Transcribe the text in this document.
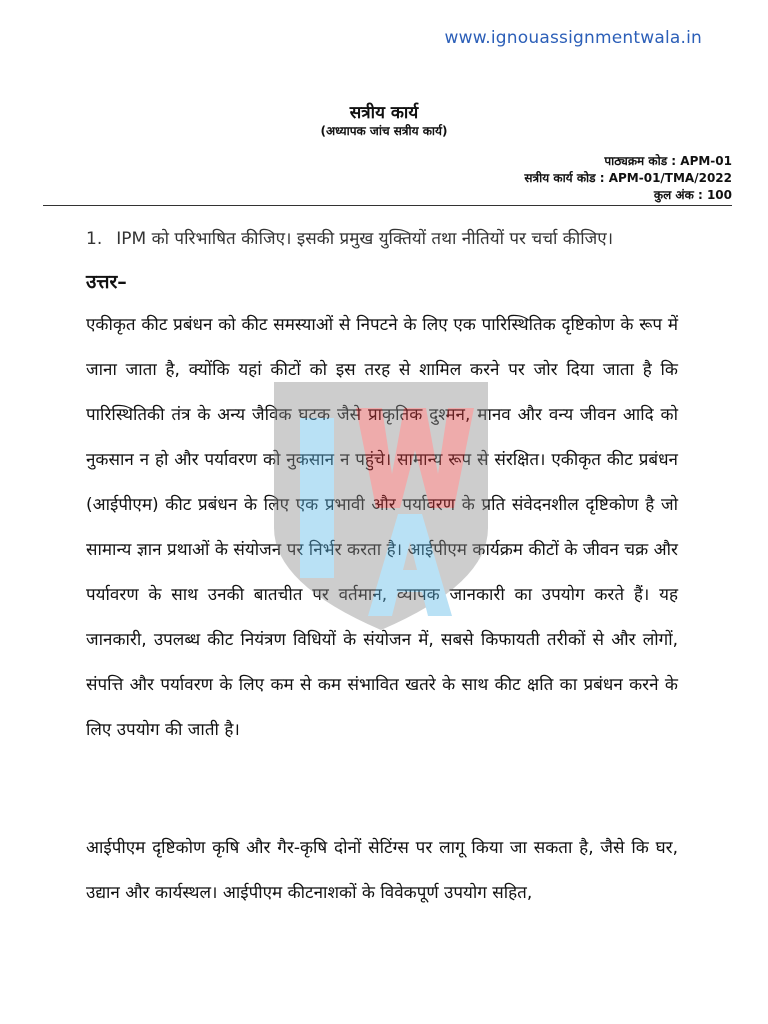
www.ignouassignmentwala.in
सत्रीय कार्य
(अध्यापक जांच सत्रीय कार्य)
पाठ्यक्रम कोड : APM-01
सत्रीय कार्य कोड : APM-01/TMA/2022
कुल अंक : 100
1. IPM को परिभाषित कीजिए। इसकी प्रमुख युक्तियों तथा नीतियों पर चर्चा कीजिए।
उत्तर–

एकीकृत कीट प्रबंधन को कीट समस्याओं से निपटने के लिए एक पारिस्थितिक दृष्टिकोण के रूप में जाना जाता है, क्योंकि यहां कीटों को इस तरह से शामिल करने पर जोर दिया जाता है कि पारिस्थितिकी तंत्र के अन्य जैविक घटक जैसे प्राकृतिक दुश्मन, मानव और वन्य जीवन आदि को नुकसान न हो और पर्यावरण को नुकसान न पहुंचे। सामान्य रूप से संरक्षित। एकीकृत कीट प्रबंधन (आईपीएम) कीट प्रबंधन के लिए एक प्रभावी और पर्यावरण के प्रति संवेदनशील दृष्टिकोण है जो सामान्य ज्ञान प्रथाओं के संयोजन पर निर्भर करता है। आईपीएम कार्यक्रम कीटों के जीवन चक्र और पर्यावरण के साथ उनकी बातचीत पर वर्तमान, व्यापक जानकारी का उपयोग करते हैं। यह जानकारी, उपलब्ध कीट नियंत्रण विधियों के संयोजन में, सबसे किफायती तरीकों से और लोगों, संपत्ति और पर्यावरण के लिए कम से कम संभावित खतरे के साथ कीट क्षति का प्रबंधन करने के लिए उपयोग की जाती है।

आईपीएम दृष्टिकोण कृषि और गैर-कृषि दोनों सेटिंग्स पर लागू किया जा सकता है, जैसे कि घर, उद्यान और कार्यस्थल। आईपीएम कीटनाशकों के विवेकपूर्ण उपयोग सहित,
